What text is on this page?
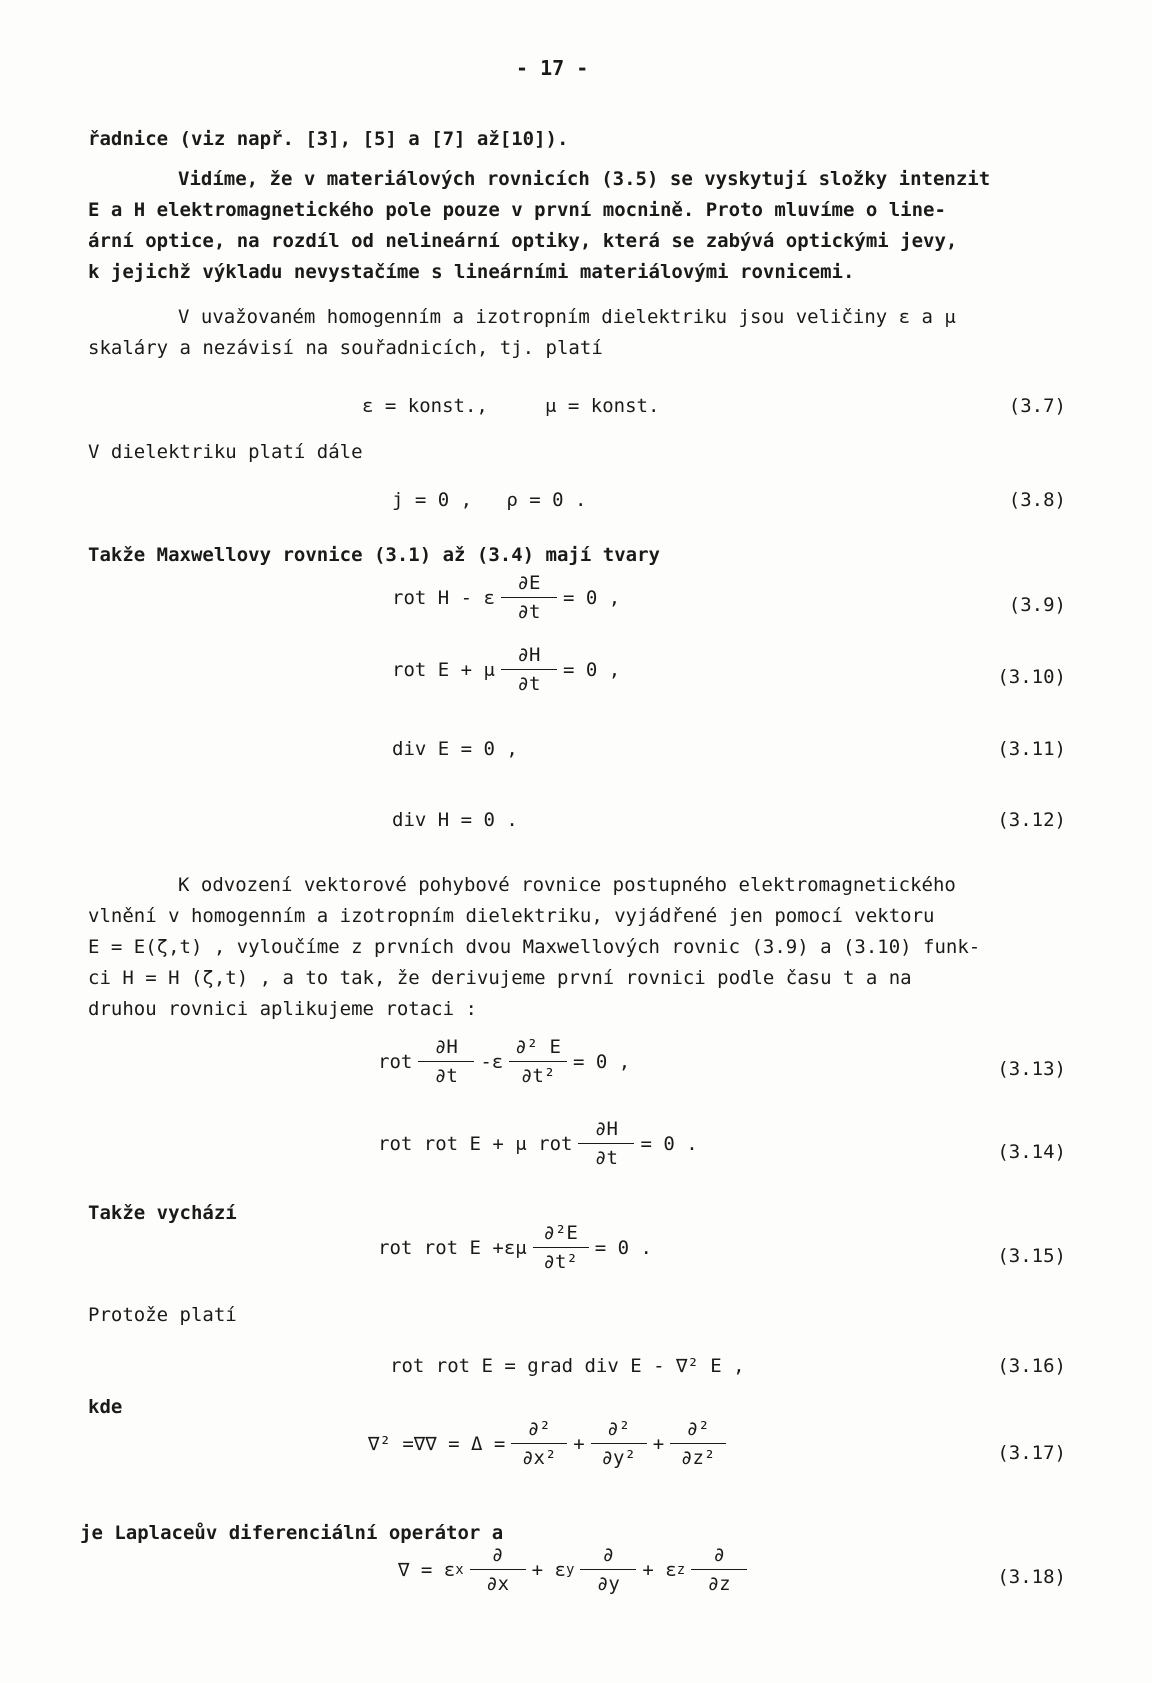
- 17 -
řadnice (viz např. [3], [5] a [7] až[10]).
Vidíme, že v materiálových rovnicích (3.5) se vyskytují složky intenzit
E a H elektromagnetického pole pouze v první mocnině. Proto mluvíme o line-
ární optice, na rozdíl od nelineární optiky, která se zabývá optickými jevy,
k jejichž výkladu nevystačíme s lineárními materiálovými rovnicemi.
V uvažovaném homogenním a izotropním dielektriku jsou veličiny ε a μ
skaláry a nezávisí na souřadnicích, tj. platí
ε = konst.,     μ = konst.	(3.7)
V dielektriku platí dále
j = 0 ,   ρ = 0 .	(3.8)
Takže Maxwellovy rovnice (3.1) až (3.4) mají tvary
rot H - ε $\frac{\partial E}{\partial t} = 0$ ,	(3.9)
rot E + μ $\frac{\partial H}{\partial t} = 0$ ,	(3.10)
div E = 0 ,	(3.11)
div H = 0 .	(3.12)
K odvození vektorové pohybové rovnice postupného elektromagnetického
vlnění v homogenním a izotropním dielektriku, vyjádřené jen pomocí vektoru
E = E(ζ,t) , vyloučíme z prvních dvou Maxwellových rovnic (3.9) a (3.10) funk-
ci H = H (ζ,t) , a to tak, že derivujeme první rovnici podle času t a na
druhou rovnici aplikujeme rotaci :
rot $\frac{\partial H}{\partial t} -\varepsilon \frac{\text{∂² E}}{\text{∂t²}} = 0$ ,	(3.13)
rot rot E + μ rot $\frac{\partial H}{\partial t} = 0$ .	(3.14)
Takže vychází
rot rot $E +\varepsilon\mu \frac{\text{∂²E}}{\text{∂t²}} = 0$ .	(3.15)
Protože platí
rot rot E = grad div E - ∇² E ,	(3.16)
kde
∇² =∇∇ = $\Delta = \frac{\text{∂²}}{\text{∂x²}} + \frac{\text{∂²}}{\text{∂y²}} + \frac{\text{∂²}}{\text{∂z²}}$	(3.17)
je Laplaceův diferenciální operátor a
∇ = ε x $\frac{\partial}{\partial x} + \varepsilon$ y $\frac{\partial}{\partial y} + \varepsilon$ z $\frac{\partial}{\partial z}$	(3.18)
